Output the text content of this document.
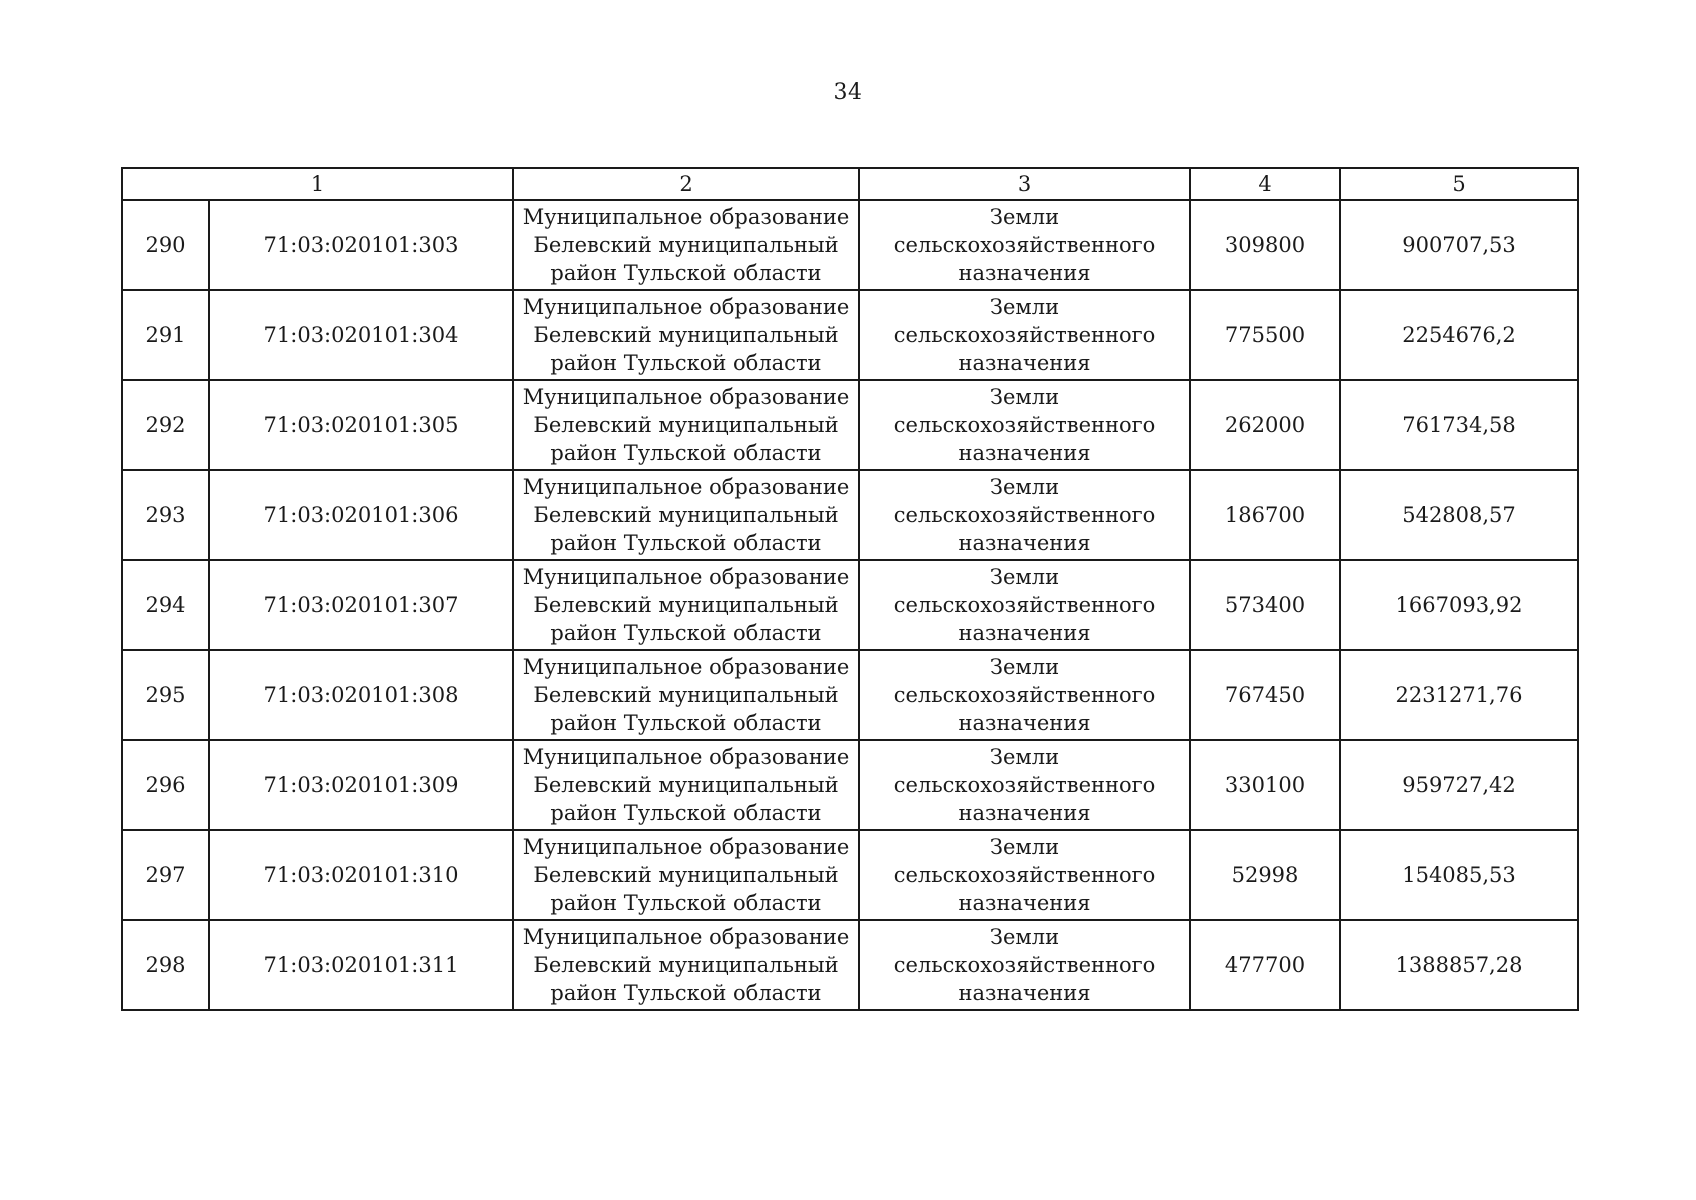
34
1		2	3	4	5
290	71:03:020101:303	Муниципальное образование
Белевский муниципальный
район Тульской области	Земли
сельскохозяйственного
назначения	309800	900707,53
291	71:03:020101:304	Муниципальное образование
Белевский муниципальный
район Тульской области	Земли
сельскохозяйственного
назначения	775500	2254676,2
292	71:03:020101:305	Муниципальное образование
Белевский муниципальный
район Тульской области	Земли
сельскохозяйственного
назначения	262000	761734,58
293	71:03:020101:306	Муниципальное образование
Белевский муниципальный
район Тульской области	Земли
сельскохозяйственного
назначения	186700	542808,57
294	71:03:020101:307	Муниципальное образование
Белевский муниципальный
район Тульской области	Земли
сельскохозяйственного
назначения	573400	1667093,92
295	71:03:020101:308	Муниципальное образование
Белевский муниципальный
район Тульской области	Земли
сельскохозяйственного
назначения	767450	2231271,76
296	71:03:020101:309	Муниципальное образование
Белевский муниципальный
район Тульской области	Земли
сельскохозяйственного
назначения	330100	959727,42
297	71:03:020101:310	Муниципальное образование
Белевский муниципальный
район Тульской области	Земли
сельскохозяйственного
назначения	52998	154085,53
298	71:03:020101:311	Муниципальное образование
Белевский муниципальный
район Тульской области	Земли
сельскохозяйственного
назначения	477700	1388857,28
